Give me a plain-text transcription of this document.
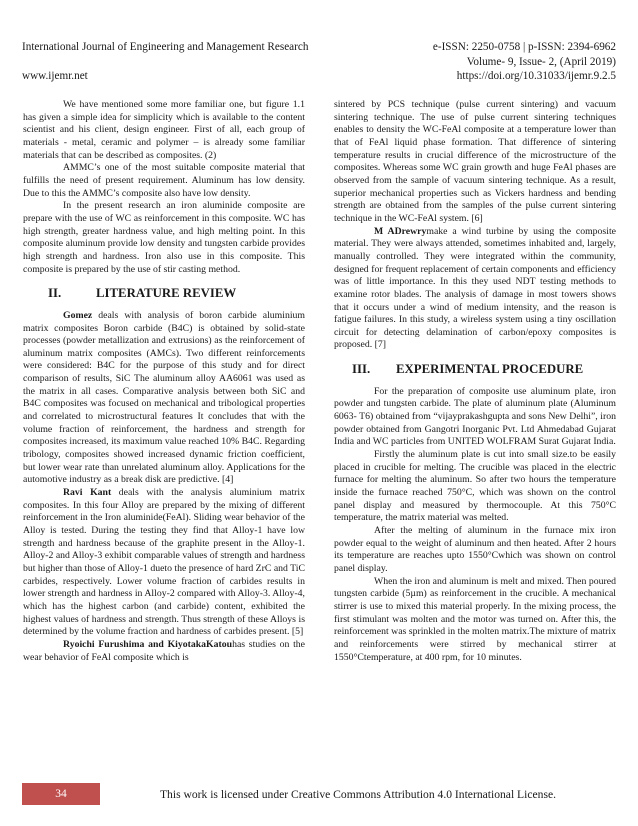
International Journal of Engineering and Management Research	e-ISSN: 2250-0758 | p-ISSN: 2394-6962
Volume- 9, Issue- 2, (April 2019)
www.ijemr.net	https://doi.org/10.31033/ijemr.9.2.5

We have mentioned some more familiar one, but figure 1.1 has given a simple idea for simplicity which is available to the content scientist and his client, design engineer. First of all, each group of materials - metal, ceramic and polymer – is already some familiar materials that can be described as composites. (2)

AMMC’s one of the most suitable composite material that fulfills the need of present requirement. Aluminum has low density. Due to this the AMMC’s composite also have low density.

In the present research an iron aluminide composite are prepare with the use of WC as reinforcement in this composite. WC has high strength, greater hardness value, and high melting point. In this composite aluminum provide low density and tungsten carbide provides high strength and hardness. Iron also use in this composite. This composite is prepared by the use of stir casting method.

II.	LITERATURE REVIEW

Gomez deals with analysis of boron carbide aluminium matrix composites Boron carbide (B4C) is obtained by solid-state processes (powder metallization and extrusions) as the reinforcement of aluminum matrix composites (AMCs). Two different reinforcements were considered: B4C for the purpose of this study and for direct comparison of results, SiC The aluminum alloy AA6061 was used as the matrix in all cases. Comparative analysis between both SiC and B4C composites was focused on mechanical and tribological properties and correlated to microstructural features It concludes that with the volume fraction of reinforcement, the hardness and strength for composites increased, its maximum value reached 10% B4C. Regarding tribology, composites showed increased dynamic friction coefficient, but lower wear rate than unrelated aluminum alloy. Applications for the automotive industry as a break disk are predictive. [4]

Ravi Kant deals with the analysis aluminium matrix composites. In this four Alloy are prepared by the mixing of different reinforcement in the Iron aluminide(FeAl). Sliding wear behavior of the Alloy is tested. During the testing they find that Alloy-1 have low strength and hardness because of the graphite present in the Alloy-1. Alloy-2 and Alloy-3 exhibit comparable values of strength and hardness but higher than those of Alloy-1 dueto the presence of hard ZrC and TiC carbides, respectively. Lower volume fraction of carbides results in lower strength and hardness in Alloy-2 compared with Alloy-3. Alloy-4, which has the highest carbon (and carbide) content, exhibited the highest values of hardness and strength. Thus strength of these Alloys is determined by the volume fraction and hardness of carbides present. [5]

Ryoichi Furushima and KiyotakaKatouhas studies on the wear behavior of FeAl composite which is

sintered by PCS technique (pulse current sintering) and vacuum sintering technique. The use of pulse current sintering techniques enables to density the WC-FeAl composite at a temperature lower than that of FeAl liquid phase formation. That difference of sintering temperature results in crucial difference of the microstructure of the composites. Whereas some WC grain growth and huge FeAl phases are observed from the sample of vacuum sintering technique. As a result, superior mechanical properties such as Vickers hardness and bending strength are obtained from the samples of the pulse current sintering technique in the WC-FeAl system. [6]

M ADrewrymake a wind turbine by using the composite material. They were always attended, sometimes inhabited and, largely, manually controlled. They were integrated within the community, designed for frequent replacement of certain components and efficiency was of little importance. In this they used NDT testing methods to examine rotor blades. The analysis of damage in most towers shows that it occurs under a wind of medium intensity, and the reason is fatigue failures. In this study, a wireless system using a tiny oscillation circuit for detecting delamination of carbon/epoxy composites is proposed. [7]

III.	EXPERIMENTAL PROCEDURE

For the preparation of composite use aluminum plate, iron powder and tungsten carbide. The plate of aluminum plate (Aluminum 6063- T6) obtained from “vijayprakashgupta and sons New Delhi”, iron powder obtained from Gangotri Inorganic Pvt. Ltd Ahmedabad Gujarat India and WC particles from UNITED WOLFRAM Surat Gujarat India.

Firstly the aluminum plate is cut into small size.to be easily placed in crucible for melting. The crucible was placed in the electric furnace for melting the aluminum. So after two hours the temperature inside the furnace reached 750°C, which was shown on the control panel display and measured by thermocouple. At this 750°C temperature, the matrix material was melted.

After the melting of aluminum in the furnace mix iron powder equal to the weight of aluminum and then heated. After 2 hours its temperature are reaches upto 1550°Cwhich was shown on control panel display.

When the iron and aluminum is melt and mixed. Then poured tungsten carbide (5µm) as reinforcement in the crucible. A mechanical stirrer is use to mixed this material properly. In the mixing process, the first stimulant was molten and the motor was turned on. After this, the reinforcement was sprinkled in the molten matrix.The mixture of matrix and reinforcements were stirred by mechanical stirrer at 1550°Ctemperature, at 400 rpm, for 10 minutes.

34	This work is licensed under Creative Commons Attribution 4.0 International License.
